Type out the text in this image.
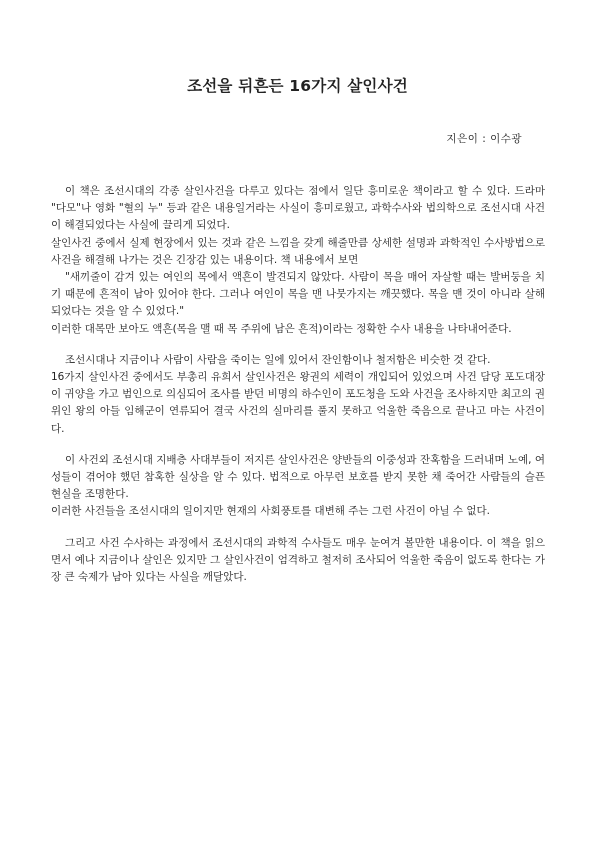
조선을 뒤흔든 16가지 살인사건
지은이 : 이수광

이 책은 조선시대의 각종 살인사건을 다루고 있다는 점에서 일단 흥미로운 책이라고 할 수 있다. 드라마 "다모"나 영화 "혈의 누" 등과 같은 내용일거라는 사실이 흥미로웠고, 과학수사와 법의학으로 조선시대 사건이 해결되었다는 사실에 끌리게 되었다.

살인사건 중에서 실제 현장에서 있는 것과 같은 느낌을 갖게 해줄만큼 상세한 설명과 과학적인 수사방법으로 사건을 해결해 나가는 것은 긴장감 있는 내용이다. 책 내용에서 보면

"새끼줄이 감겨 있는 여인의 목에서 액흔이 발견되지 않았다. 사람이 목을 매어 자살할 때는 발버둥을 치기 때문에 흔적이 남아 있어야 한다. 그러나 여인이 목을 맨 나뭇가지는 깨끗했다. 목을 맨 것이 아니라 살해되었다는 것을 알 수 있었다."

이러한 대목만 보아도 액흔(목을 맬 때 목 주위에 남은 흔적)이라는 정확한 수사 내용을 나타내어준다.

조선시대나 지금이나 사람이 사람을 죽이는 일에 있어서 잔인함이나 철저함은 비슷한 것 같다.

16가지 살인사건 중에서도 부총리 유희서 살인사건은 왕권의 세력이 개입되어 있었으며 사건 담당 포도대장이 귀양을 가고 범인으로 의심되어 조사를 받던 비명의 하수인이 포도청을 도와 사건을 조사하지만 최고의 권위인 왕의 아들 임해군이 연류되어 결국 사건의 실마리를 풀지 못하고 억울한 죽음으로 끝나고 마는 사건이다.

이 사건외 조선시대 지배층 사대부들이 저지른 살인사건은 양반들의 이중성과 잔혹함을 드러내며 노예, 여성들이 겪어야 했던 참혹한 실상을 알 수 있다. 법적으로 아무런 보호를 받지 못한 채 죽어간 사람들의 슬픈 현실을 조명한다.

이러한 사건들을 조선시대의 일이지만 현재의 사회풍토를 대변해 주는 그런 사건이 아닐 수 없다.

그리고 사건 수사하는 과정에서 조선시대의 과학적 수사들도 매우 눈여겨 볼만한 내용이다. 이 책을 읽으면서 예나 지금이나 살인은 있지만 그 살인사건이 엄격하고 철저히 조사되어 억울한 죽음이 없도록 한다는 가장 큰 숙제가 남아 있다는 사실을 깨달았다.
